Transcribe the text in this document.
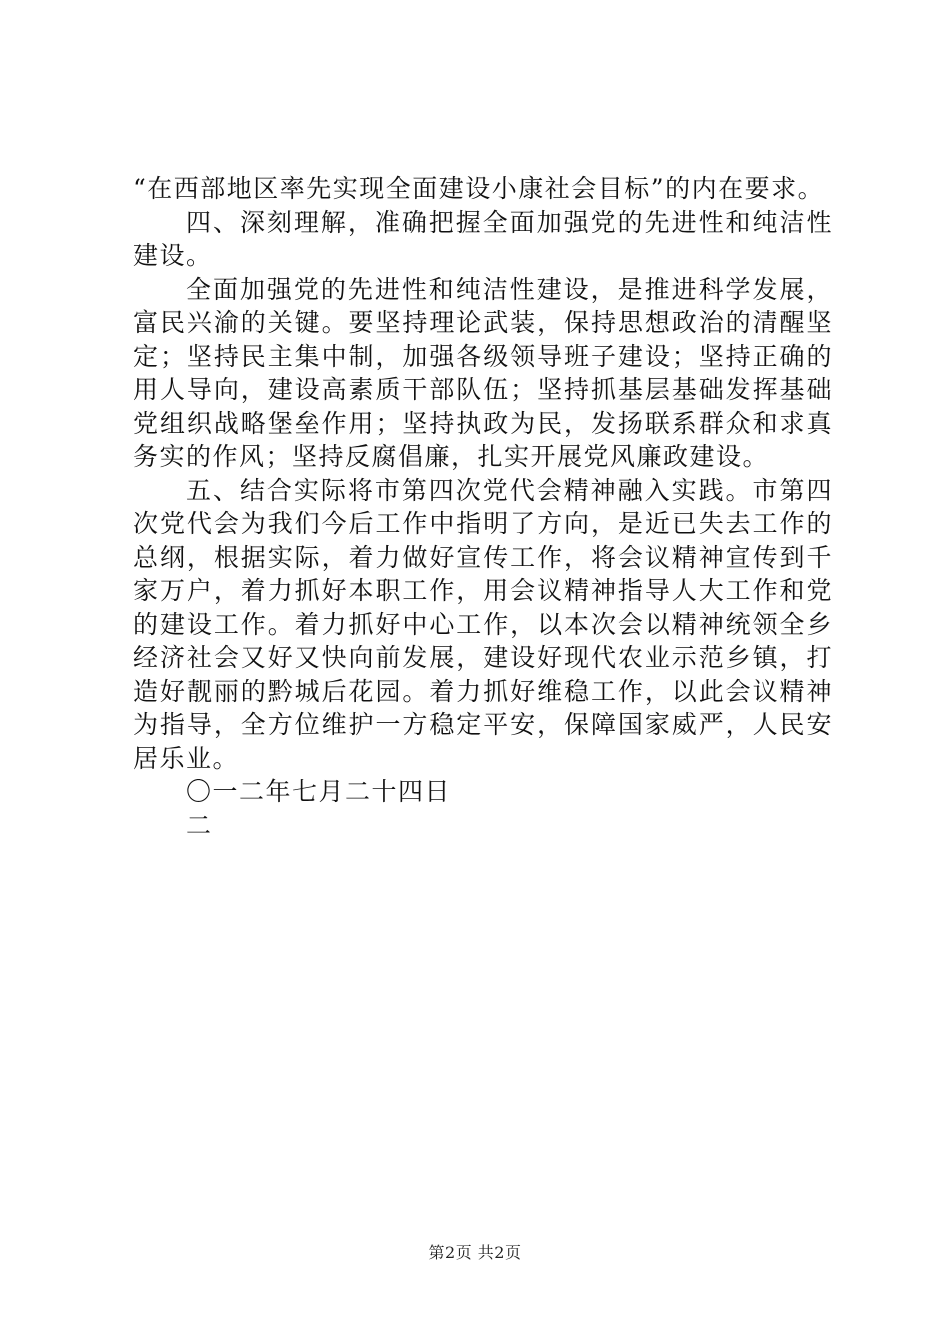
“在西部地区率先实现全面建设小康社会目标”的内在要求。

四、深刻理解，准确把握全面加强党的先进性和纯洁性建设。

全面加强党的先进性和纯洁性建设，是推进科学发展，富民兴渝的关键。要坚持理论武装，保持思想政治的清醒坚定；坚持民主集中制，加强各级领导班子建设；坚持正确的用人导向，建设高素质干部队伍；坚持抓基层基础发挥基础党组织战略堡垒作用；坚持执政为民，发扬联系群众和求真务实的作风；坚持反腐倡廉，扎实开展党风廉政建设。

五、结合实际将市第四次党代会精神融入实践。市第四次党代会为我们今后工作中指明了方向，是近已失去工作的总纲，根据实际，着力做好宣传工作，将会议精神宣传到千家万户，着力抓好本职工作，用会议精神指导人大工作和党的建设工作。着力抓好中心工作，以本次会以精神统领全乡经济社会又好又快向前发展，建设好现代农业示范乡镇，打造好靓丽的黔城后花园。着力抓好维稳工作，以此会议精神为指导，全方位维护一方稳定平安，保障国家威严，人民安居乐业。

〇一二年七月二十四日

二

第2页 共2页
